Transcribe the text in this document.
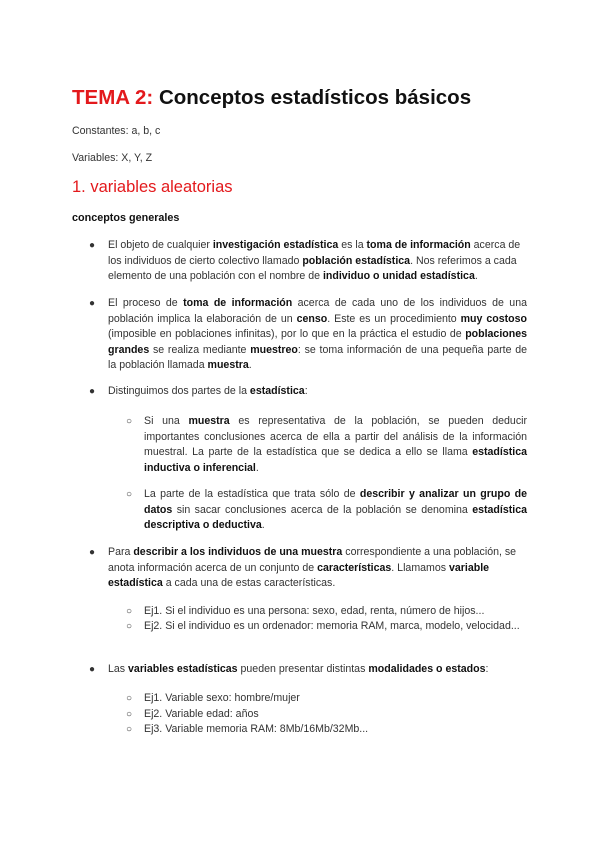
TEMA 2: Conceptos estadísticos básicos
Constantes: a, b, c
Variables: X, Y, Z
1. variables aleatorias
conceptos generales
● El objeto de cualquier investigación estadística es la toma de información acerca de los individuos de cierto colectivo llamado población estadística. Nos referimos a cada elemento de una población con el nombre de individuo o unidad estadística.
● El proceso de toma de información acerca de cada uno de los individuos de una población implica la elaboración de un censo. Este es un procedimiento muy costoso (imposible en poblaciones infinitas), por lo que en la práctica el estudio de poblaciones grandes se realiza mediante muestreo: se toma información de una pequeña parte de la población llamada muestra.
● Distinguimos dos partes de la estadística:
○ Si una muestra es representativa de la población, se pueden deducir importantes conclusiones acerca de ella a partir del análisis de la información muestral. La parte de la estadística que se dedica a ello se llama estadística inductiva o inferencial.
○ La parte de la estadística que trata sólo de describir y analizar un grupo de datos sin sacar conclusiones acerca de la población se denomina estadística descriptiva o deductiva.
● Para describir a los individuos de una muestra correspondiente a una población, se anota información acerca de un conjunto de características. Llamamos variable estadística a cada una de estas características.
○ Ej1. Si el individuo es una persona: sexo, edad, renta, número de hijos...
○ Ej2. Si el individuo es un ordenador: memoria RAM, marca, modelo, velocidad...
● Las variables estadísticas pueden presentar distintas modalidades o estados:
○ Ej1. Variable sexo: hombre/mujer
○ Ej2. Variable edad: años
○ Ej3. Variable memoria RAM: 8Mb/16Mb/32Mb...
